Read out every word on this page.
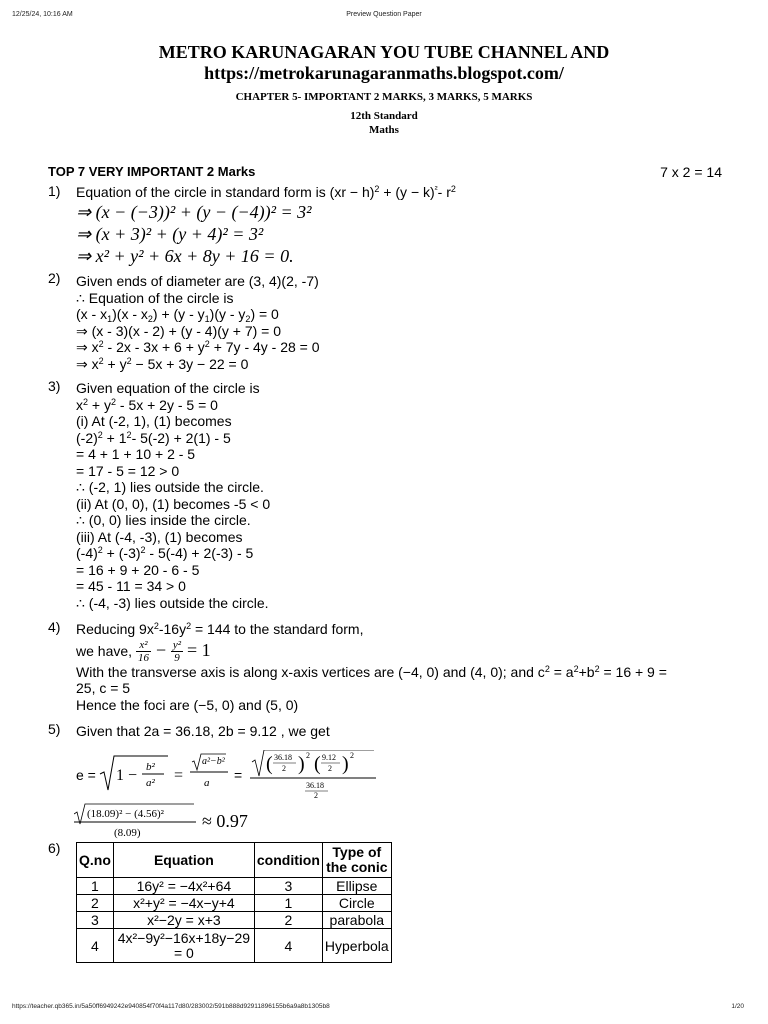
12/25/24, 10:16 AM	Preview Question Paper
METRO KARUNAGARAN YOU TUBE CHANNEL AND
https://metrokarunagaranmaths.blogspot.com/
CHAPTER 5- IMPORTANT 2 MARKS, 3 MARKS, 5 MARKS
12th Standard
Maths
TOP 7 VERY IMPORTANT 2 Marks	7 x 2 = 14
1) Equation of the circle in standard form is $(xr - h)^2 + (y - k)^{^2}-$ $r^2$
⇒ (x − (−3))² + (y − (−4))² = 3²
⇒ (x + 3)² + (y + 4)² = 3²
⇒ x² + y² + 6x + 8y + 16 = 0.
2) Given ends of diameter are (3, 4)(2, -7)
∴ Equation of the circle is
$(x - x_1)(x - x_2) + (y - y_1)(y - y_2) = 0$
⇒ (x - 3)(x - 2) + (y - 4)(y + 7) = 0
⇒ $x^2 - 2x - 3x + 6 + y^2 + 7y - 4y - 28 = 0$
⇒ $x^2 + y^2 - 5x + 3y - 22 = 0$
3) Given equation of the circle is
$x^2 + y^2 - 5x + 2y - 5 = 0$
(i) At (-2, 1), (1) becomes
$(-2)^2 + 1^2-$ 5(-2) + 2(1) - 5
= 4 + 1 + 10 + 2 - 5
= 17 - 5 = 12 > 0
∴ (-2, 1) lies outside the circle.
(ii) At (0, 0), (1) becomes -5 < 0
∴ (0, 0) lies inside the circle.
(iii) At (-4, -3), (1) becomes
$(-4)^2 + (-3)^2 - 5(-4) + 2(-3) - 5$
= 16 + 9 + 20 - 6 - 5
= 45 - 11 = 34 > 0
∴ (-4, -3) lies outside the circle.
4) Reducing $9x^2-16y^2 = 144$ to the standard form,
we have, $\frac{\text{x²}}{16} - \frac{\text{y²}}{9} = 1$
With the transverse axis is along x-axis vertices are (−4, 0) and (4, 0); and $c^2 = a^2+b^2 = 16 + 9$ =
25, c = 5
Hence the foci are (−5, 0) and (5, 0)
5) Given that 2a = 36.18, 2b = 9.12 , we get
e = 1 − b²
a² =
a²−b²
a = ( 36.18
2 ) 2 ( 9.12
2 ) 2
36.18
2
(18.09)² − (4.56)²
(8.09)
≈ 0.97
6)
Q.no	Equation	condition	Type of the conic
1	16y² = −4x²+64	3	Ellipse
2	x²+y² = −4x−y+4	1	Circle
3	x²−2y = x+3	2	parabola
4	4x²−9y²−16x+18y−29 = 0	4	Hyperbola
https://teacher.qb365.in/5a50ff6949242e940854f70f4a117d80/283002/591b888d92911896155b6a9a8b1305b8	1/20
